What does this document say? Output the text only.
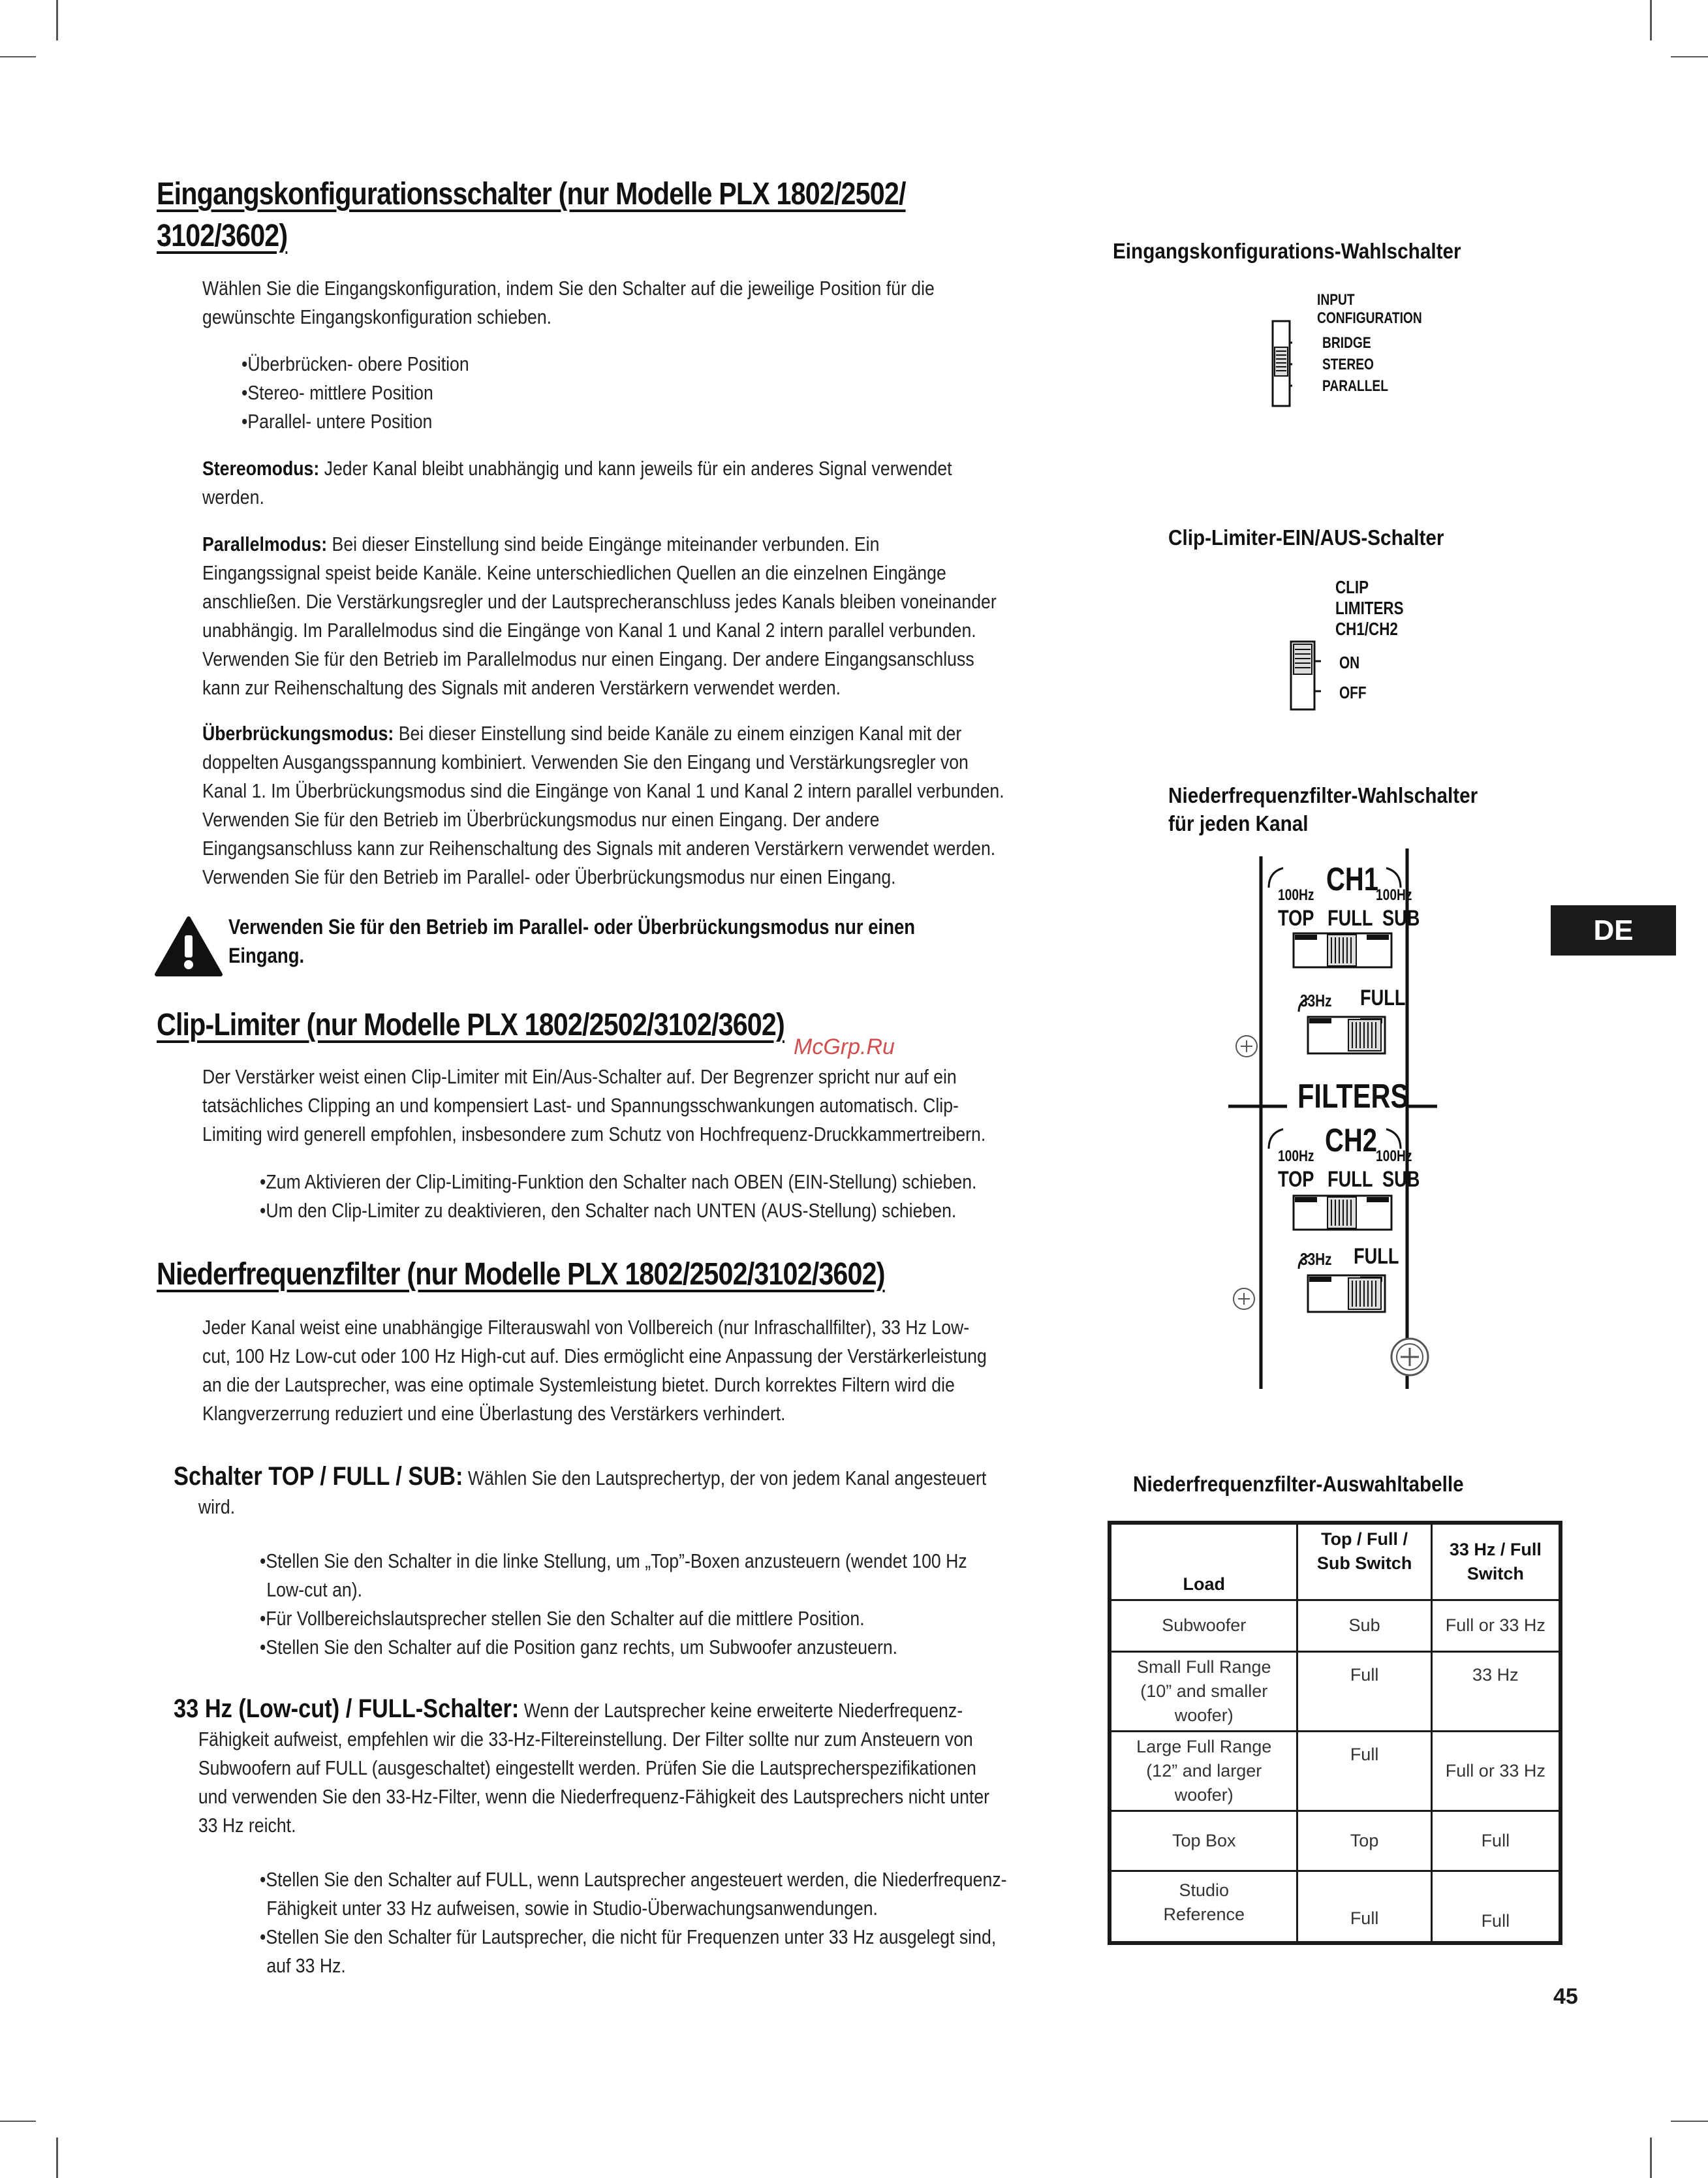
Eingangskonfigurationsschalter (nur Modelle PLX 1802/2502/
3102/3602)
Wählen Sie die Eingangskonfiguration, indem Sie den Schalter auf die jeweilige Position für die
gewünschte Eingangskonfiguration schieben.
•Überbrücken- obere Position
•Stereo- mittlere Position
•Parallel- untere Position
Stereomodus: Jeder Kanal bleibt unabhängig und kann jeweils für ein anderes Signal verwendet
werden.
Parallelmodus: Bei dieser Einstellung sind beide Eingänge miteinander verbunden. Ein
Eingangssignal speist beide Kanäle. Keine unterschiedlichen Quellen an die einzelnen Eingänge
anschließen. Die Verstärkungsregler und der Lautsprecheranschluss jedes Kanals bleiben voneinander
unabhängig. Im Parallelmodus sind die Eingänge von Kanal 1 und Kanal 2 intern parallel verbunden.
Verwenden Sie für den Betrieb im Parallelmodus nur einen Eingang. Der andere Eingangsanschluss
kann zur Reihenschaltung des Signals mit anderen Verstärkern verwendet werden.
Überbrückungsmodus: Bei dieser Einstellung sind beide Kanäle zu einem einzigen Kanal mit der
doppelten Ausgangsspannung kombiniert. Verwenden Sie den Eingang und Verstärkungsregler von
Kanal 1. Im Überbrückungsmodus sind die Eingänge von Kanal 1 und Kanal 2 intern parallel verbunden.
Verwenden Sie für den Betrieb im Überbrückungsmodus nur einen Eingang. Der andere
Eingangsanschluss kann zur Reihenschaltung des Signals mit anderen Verstärkern verwendet werden.
Verwenden Sie für den Betrieb im Parallel- oder Überbrückungsmodus nur einen Eingang.
Verwenden Sie für den Betrieb im Parallel- oder Überbrückungsmodus nur einen
Eingang.
Clip-Limiter (nur Modelle PLX 1802/2502/3102/3602)
Der Verstärker weist einen Clip-Limiter mit Ein/Aus-Schalter auf. Der Begrenzer spricht nur auf ein
tatsächliches Clipping an und kompensiert Last- und Spannungsschwankungen automatisch. Clip-
Limiting wird generell empfohlen, insbesondere zum Schutz von Hochfrequenz-Druckkammertreibern.
McGrp.Ru
•Zum Aktivieren der Clip-Limiting-Funktion den Schalter nach OBEN (EIN-Stellung) schieben.
•Um den Clip-Limiter zu deaktivieren, den Schalter nach UNTEN (AUS-Stellung) schieben.
Niederfrequenzfilter (nur Modelle PLX 1802/2502/3102/3602)
Jeder Kanal weist eine unabhängige Filterauswahl von Vollbereich (nur Infraschallfilter), 33 Hz Low-
cut, 100 Hz Low-cut oder 100 Hz High-cut auf. Dies ermöglicht eine Anpassung der Verstärkerleistung
an die der Lautsprecher, was eine optimale Systemleistung bietet. Durch korrektes Filtern wird die
Klangverzerrung reduziert und eine Überlastung des Verstärkers verhindert.
Schalter TOP / FULL / SUB: Wählen Sie den Lautsprechertyp, der von jedem Kanal angesteuert
wird.
•Stellen Sie den Schalter in die linke Stellung, um „Top”-Boxen anzusteuern (wendet 100 Hz
Low-cut an).
•Für Vollbereichslautsprecher stellen Sie den Schalter auf die mittlere Position.
•Stellen Sie den Schalter auf die Position ganz rechts, um Subwoofer anzusteuern.
33 Hz (Low-cut) / FULL-Schalter: Wenn der Lautsprecher keine erweiterte Niederfrequenz-
Fähigkeit aufweist, empfehlen wir die 33-Hz-Filtereinstellung. Der Filter sollte nur zum Ansteuern von
Subwoofern auf FULL (ausgeschaltet) eingestellt werden. Prüfen Sie die Lautsprecherspezifikationen
und verwenden Sie den 33-Hz-Filter, wenn die Niederfrequenz-Fähigkeit des Lautsprechers nicht unter
33 Hz reicht.
•Stellen Sie den Schalter auf FULL, wenn Lautsprecher angesteuert werden, die Niederfrequenz-
Fähigkeit unter 33 Hz aufweisen, sowie in Studio-Überwachungsanwendungen.
•Stellen Sie den Schalter für Lautsprecher, die nicht für Frequenzen unter 33 Hz ausgelegt sind,
auf 33 Hz.
Eingangskonfigurations-Wahlschalter
INPUT
CONFIGURATION
BRIDGE
STEREO
PARALLEL
Clip-Limiter-EIN/AUS-Schalter
CLIP
LIMITERS
CH1/CH2
ON
OFF
Niederfrequenzfilter-Wahlschalter
für jeden Kanal
CH1
100Hz	100Hz
TOP FULL SUB
33Hz FULL
FILTERS
CH2
100Hz	100Hz
TOP FULL SUB
33Hz FULL
Niederfrequenzfilter-Auswahltabelle
Load	Top / Full / Sub Switch	33 Hz / Full Switch

Subwoofer	Sub	Full or 33 Hz

Small Full Range
(10” and smaller woofer)	Full	33 Hz

Large Full Range
(12” and larger woofer)	Full	Full or 33 Hz

Top Box	Top	Full

Studio
Reference	Full	Full
DE
45
